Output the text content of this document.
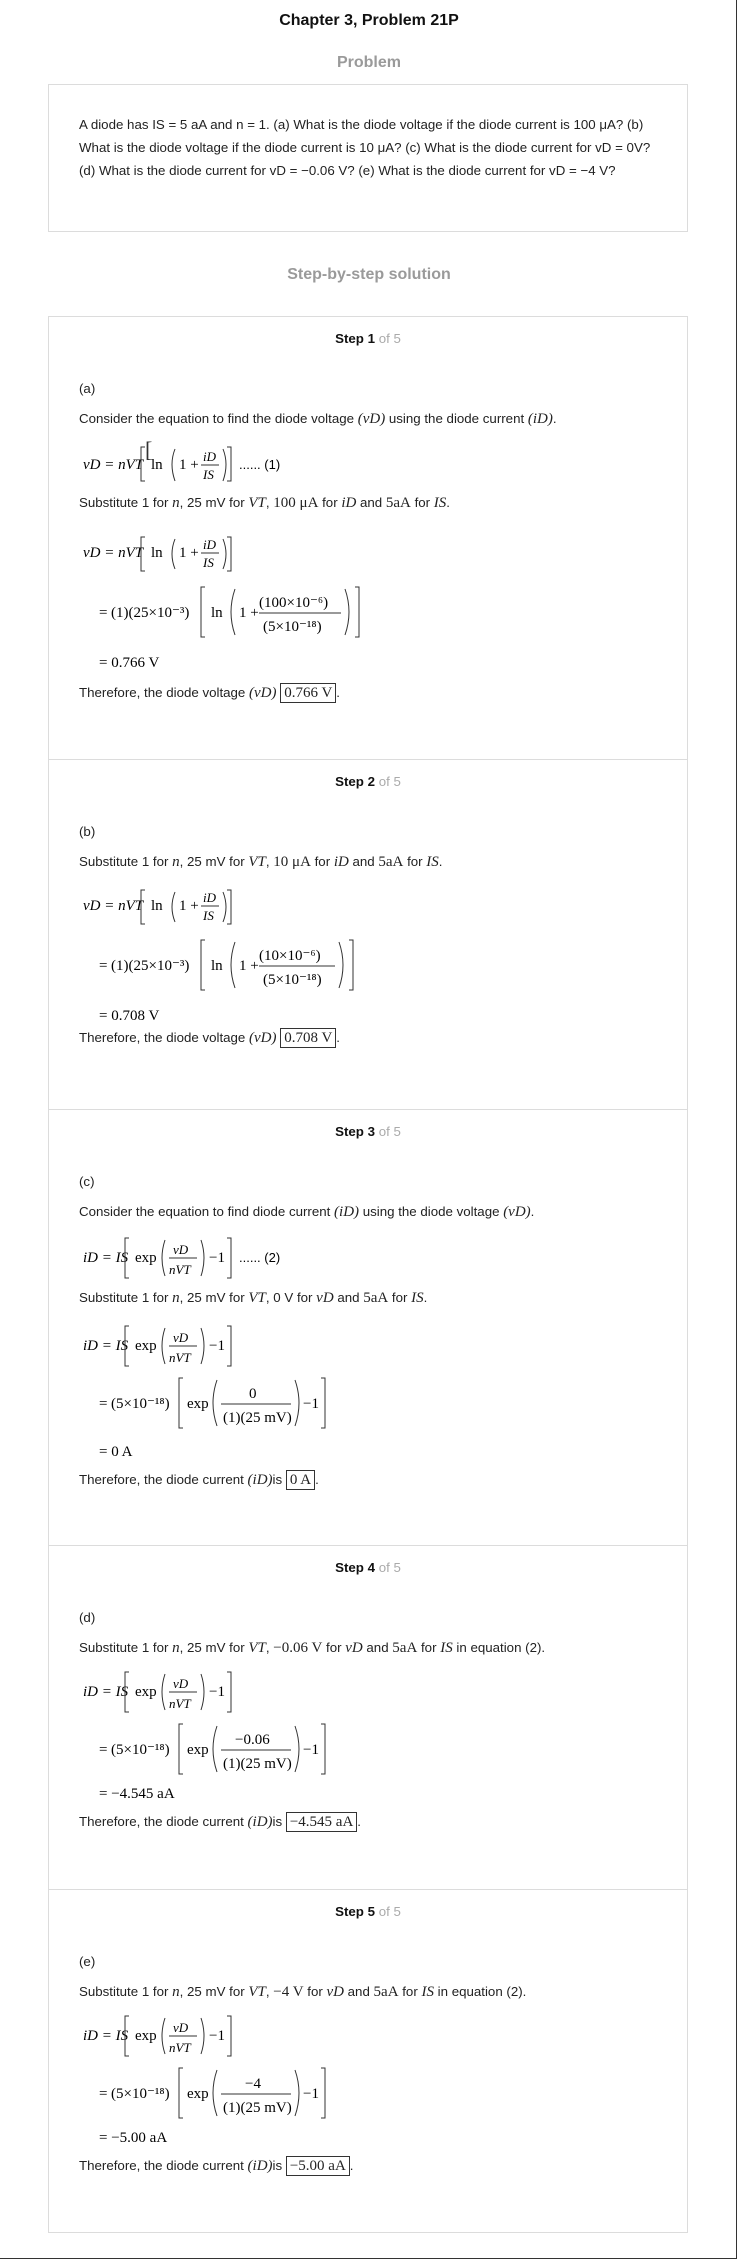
Chapter 3, Problem 21P
Problem
A diode has IS = 5 aA and n = 1. (a) What is the diode voltage if the diode current is 100 μA? (b) What is the diode voltage if the diode current is 10 μA? (c) What is the diode current for vD = 0V? (d) What is the diode current for vD = −0.06 V? (e) What is the diode current for vD = −4 V?
Step-by-step solution
Step 1 of 5
(a)
Consider the equation to find the diode voltage (vD) using the diode current (iD).
vD = nVT
[
ln 1 +
iD
IS
...... (1)
Substitute 1 for n, 25 mV for VT, 100 μA for iD and 5aA for IS.
vD = nVT ln 1 +
iD
IS
= (1)(25×10⁻³) ln 1 +
(100×10⁻⁶)
(5×10⁻¹⁸)
= 0.766 V
Therefore, the diode voltage (vD) 0.766 V .
Step 2 of 5
(b)
Substitute 1 for n, 25 mV for VT, 10 μA for iD and 5aA for IS.
vD = nVT ln 1 +
iD
IS
= (1)(25×10⁻³) ln 1 +
(10×10⁻⁶)
(5×10⁻¹⁸)
= 0.708 V
Therefore, the diode voltage (vD) 0.708 V .
Step 3 of 5
(c)
Consider the equation to find diode current (iD) using the diode voltage (vD).
iD = IS exp
vD
nVT
−1 ...... (2)
Substitute 1 for n, 25 mV for VT, 0 V for vD and 5aA for IS.
iD = IS exp
vD
nVT
−1
= (5×10⁻¹⁸) exp
0
(1)(25 mV)
−1
= 0 A
Therefore, the diode current (iD)is 0 A .
Step 4 of 5
(d)
Substitute 1 for n, 25 mV for VT, −0.06 V for vD and 5aA for IS in equation (2).
iD = IS exp
vD
nVT
−1
= (5×10⁻¹⁸) exp
−0.06
(1)(25 mV)
−1
= −4.545 aA
Therefore, the diode current (iD)is −4.545 aA .
Step 5 of 5
(e)
Substitute 1 for n, 25 mV for VT, −4 V for vD and 5aA for IS in equation (2).
iD = IS exp
vD
nVT
−1
= (5×10⁻¹⁸) exp
−4
(1)(25 mV)
−1
= −5.00 aA
Therefore, the diode current (iD)is −5.00 aA .
